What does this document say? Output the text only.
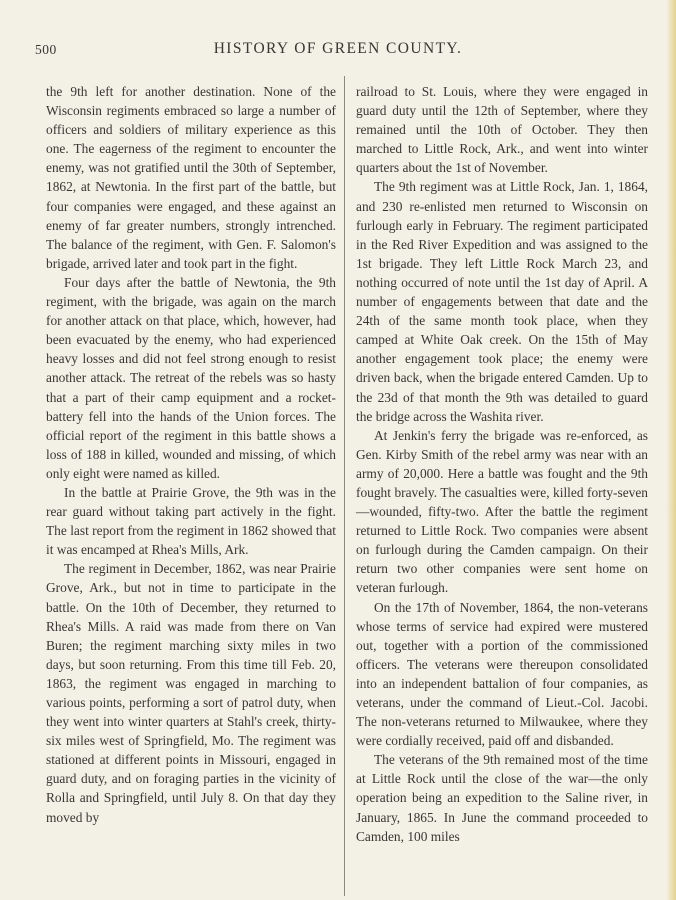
500	HISTORY OF GREEN COUNTY.

the 9th left for another destination. None of the Wisconsin regiments embraced so large a number of officers and soldiers of military experience as this one. The eagerness of the regiment to encounter the enemy, was not gratified until the 30th of September, 1862, at Newtonia. In the first part of the battle, but four companies were engaged, and these against an enemy of far greater numbers, strongly intrenched. The balance of the regiment, with Gen. F. Salomon's brigade, arrived later and took part in the fight.

Four days after the battle of Newtonia, the 9th regiment, with the brigade, was again on the march for another attack on that place, which, however, had been evacuated by the enemy, who had experienced heavy losses and did not feel strong enough to resist another attack. The retreat of the rebels was so hasty that a part of their camp equipment and a rocket-battery fell into the hands of the Union forces. The official report of the regiment in this battle shows a loss of 188 in killed, wounded and missing, of which only eight were named as killed.

In the battle at Prairie Grove, the 9th was in the rear guard without taking part actively in the fight. The last report from the regiment in 1862 showed that it was encamped at Rhea's Mills, Ark.

The regiment in December, 1862, was near Prairie Grove, Ark., but not in time to participate in the battle. On the 10th of December, they returned to Rhea's Mills. A raid was made from there on Van Buren; the regiment marching sixty miles in two days, but soon returning. From this time till Feb. 20, 1863, the regiment was engaged in marching to various points, performing a sort of patrol duty, when they went into winter quarters at Stahl's creek, thirty-six miles west of Springfield, Mo. The regiment was stationed at different points in Missouri, engaged in guard duty, and on foraging parties in the vicinity of Rolla and Springfield, until July 8. On that day they moved by

railroad to St. Louis, where they were engaged in guard duty until the 12th of September, where they remained until the 10th of October. They then marched to Little Rock, Ark., and went into winter quarters about the 1st of November.

The 9th regiment was at Little Rock, Jan. 1, 1864, and 230 re-enlisted men returned to Wisconsin on furlough early in February. The regiment participated in the Red River Expedition and was assigned to the 1st brigade. They left Little Rock March 23, and nothing occurred of note until the 1st day of April. A number of engagements between that date and the 24th of the same month took place, when they camped at White Oak creek. On the 15th of May another engagement took place; the enemy were driven back, when the brigade entered Camden. Up to the 23d of that month the 9th was detailed to guard the bridge across the Washita river.

At Jenkin's ferry the brigade was re-enforced, as Gen. Kirby Smith of the rebel army was near with an army of 20,000. Here a battle was fought and the 9th fought bravely. The casualties were, killed forty-seven—wounded, fifty-two. After the battle the regiment returned to Little Rock. Two companies were absent on furlough during the Camden campaign. On their return two other companies were sent home on veteran furlough.

On the 17th of November, 1864, the non-veterans whose terms of service had expired were mustered out, together with a portion of the commissioned officers. The veterans were thereupon consolidated into an independent battalion of four companies, as veterans, under the command of Lieut.-Col. Jacobi. The non-veterans returned to Milwaukee, where they were cordially received, paid off and disbanded.

The veterans of the 9th remained most of the time at Little Rock until the close of the war—the only operation being an expedition to the Saline river, in January, 1865. In June the command proceeded to Camden, 100 miles
